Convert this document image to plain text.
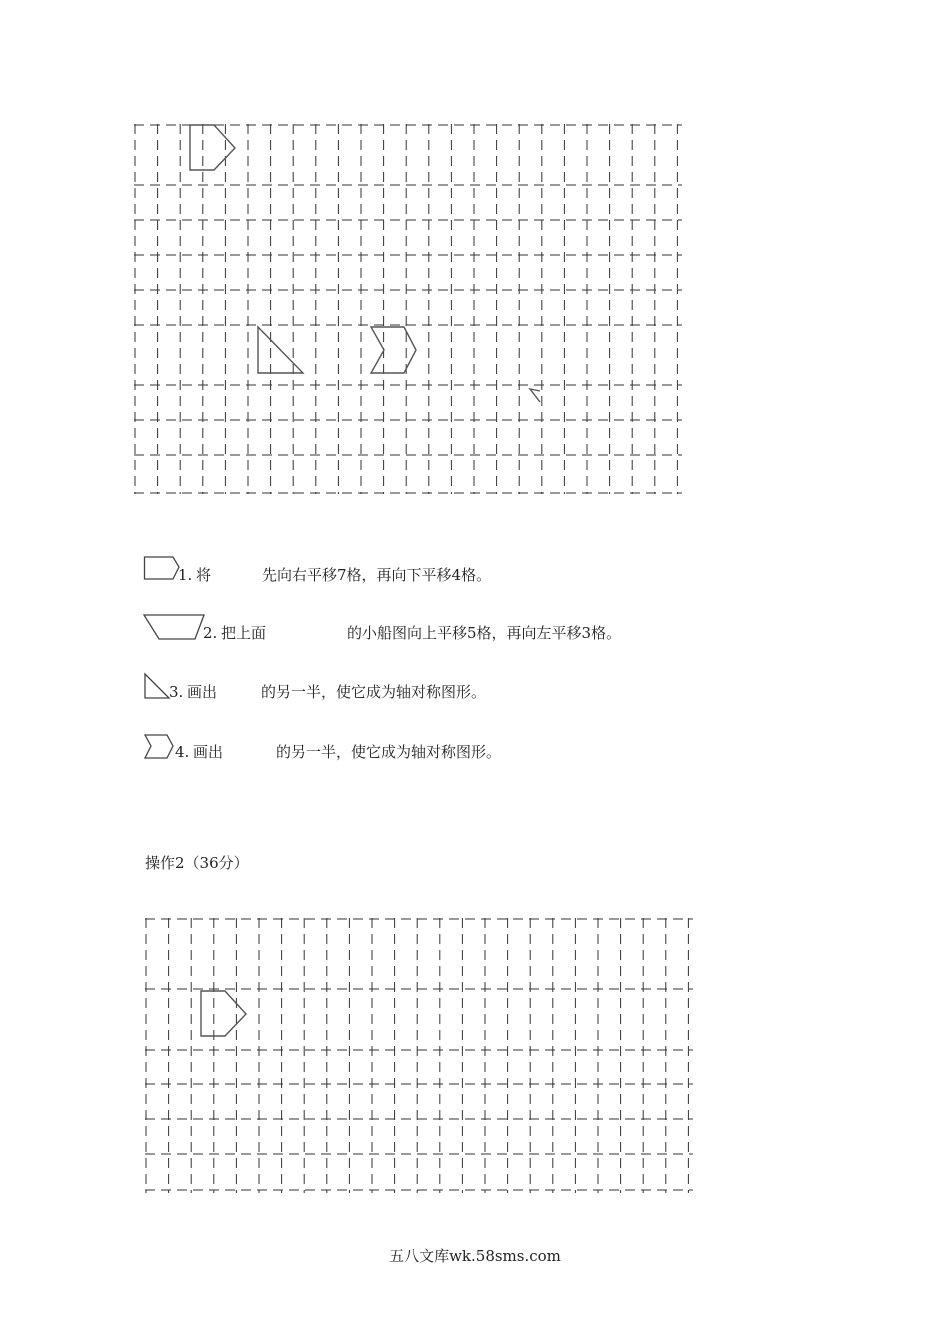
1. 将	先向右平移7格，再向下平移4格。
2. 把上面	的小船图向上平移5格，再向左平移3格。
3. 画出	的另一半，使它成为轴对称图形。
4. 画出	的另一半，使它成为轴对称图形。
操作2（36分）
五八文库wk.58sms.com
